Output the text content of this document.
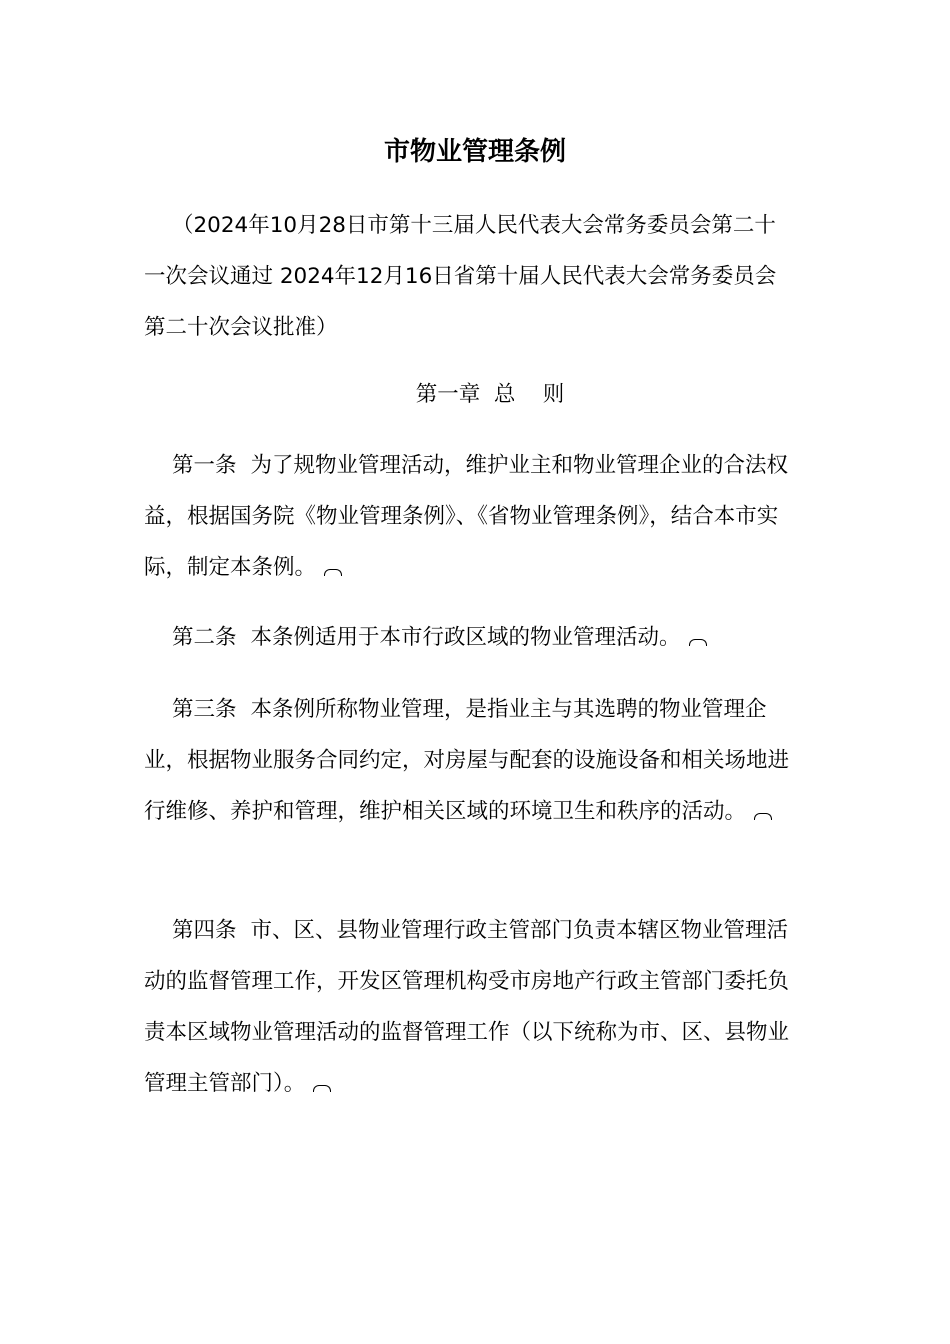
市物业管理条例

（2024年10月28日市第十三届人民代表大会常务委员会第二十一次会议通过 2024年12月16日省第十届人民代表大会常务委员会第二十次会议批准）

第一章  总    则

第一条 为了规物业管理活动，维护业主和物业管理企业的合法权益，根据国务院《物业管理条例》、《省物业管理条例》，结合本市实际，制定本条例。

第二条 本条例适用于本市行政区域的物业管理活动。

第三条 本条例所称物业管理，是指业主与其选聘的物业管理企业，根据物业服务合同约定，对房屋与配套的设施设备和相关场地进行维修、养护和管理，维护相关区域的环境卫生和秩序的活动。

第四条 市、区、县物业管理行政主管部门负责本辖区物业管理活动的监督管理工作，开发区管理机构受市房地产行政主管部门委托负责本区域物业管理活动的监督管理工作（以下统称为市、区、县物业管理主管部门）。
